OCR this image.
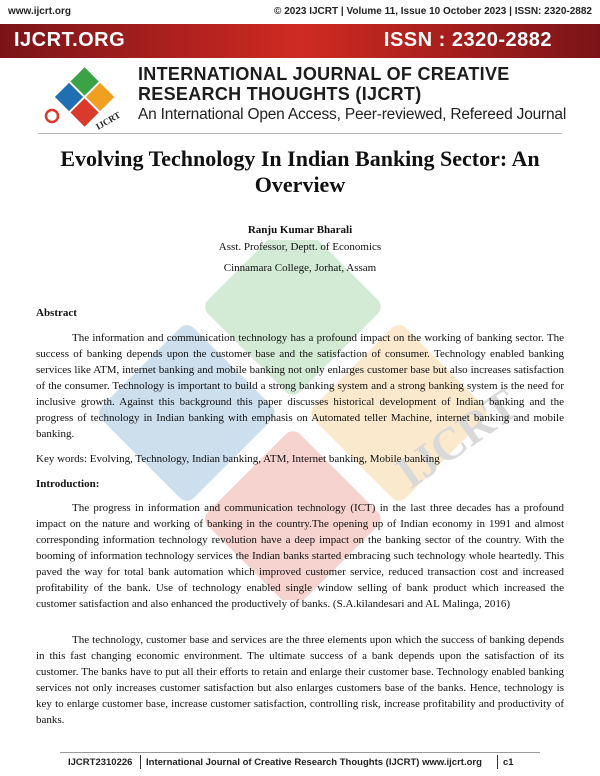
www.ijcrt.org	© 2023 IJCRT | Volume 11, Issue 10 October 2023 | ISSN: 2320-2882
IJCRT.ORG	ISSN : 2320-2882
IJCRT
INTERNATIONAL JOURNAL OF CREATIVE
RESEARCH THOUGHTS (IJCRT)
An International Open Access, Peer-reviewed, Refereed Journal
IJCRT
Evolving Technology In Indian Banking Sector: An Overview
Ranju Kumar Bharali
Asst. Professor, Deptt. of Economics
Cinnamara College, Jorhat, Assam
Abstract

The information and communication technology has a profound impact on the working of banking sector. The success of banking depends upon the customer base and the satisfaction of consumer. Technology enabled banking services like ATM, internet banking and mobile banking not only enlarges customer base but also increases satisfaction of the consumer. Technology is important to build a strong banking system and a strong banking system is the need for inclusive growth. Against this background this paper discusses historical development of Indian banking and the progress of technology in Indian banking with emphasis on Automated teller Machine, internet banking and mobile banking.

Key words: Evolving, Technology, Indian banking, ATM, Internet banking, Mobile banking
Introduction:

The progress in information and communication technology (ICT) in the last three decades has a profound impact on the nature and working of banking in the country.The opening up of Indian economy in 1991 and almost corresponding information technology revolution have a deep impact on the banking sector of the country. With the booming of information technology services the Indian banks started embracing such technology whole heartedly. This paved the way for total bank automation which improved customer service, reduced transaction cost and increased profitability of the bank. Use of technology enabled single window selling of bank product which increased the customer satisfaction and also enhanced the productively of banks. (S.A.kilandesari and AL Malinga, 2016)

The technology, customer base and services are the three elements upon which the success of banking depends in this fast changing economic environment. The ultimate success of a bank depends upon the satisfaction of its customer. The banks have to put all their efforts to retain and enlarge their customer base. Technology enabled banking services not only increases customer satisfaction but also enlarges customers base of the banks. Hence, technology is key to enlarge customer base, increase customer satisfaction, controlling risk, increase profitability and productivity of banks.

IJCRT2310226 International Journal of Creative Research Thoughts (IJCRT) www.ijcrt.org c1
